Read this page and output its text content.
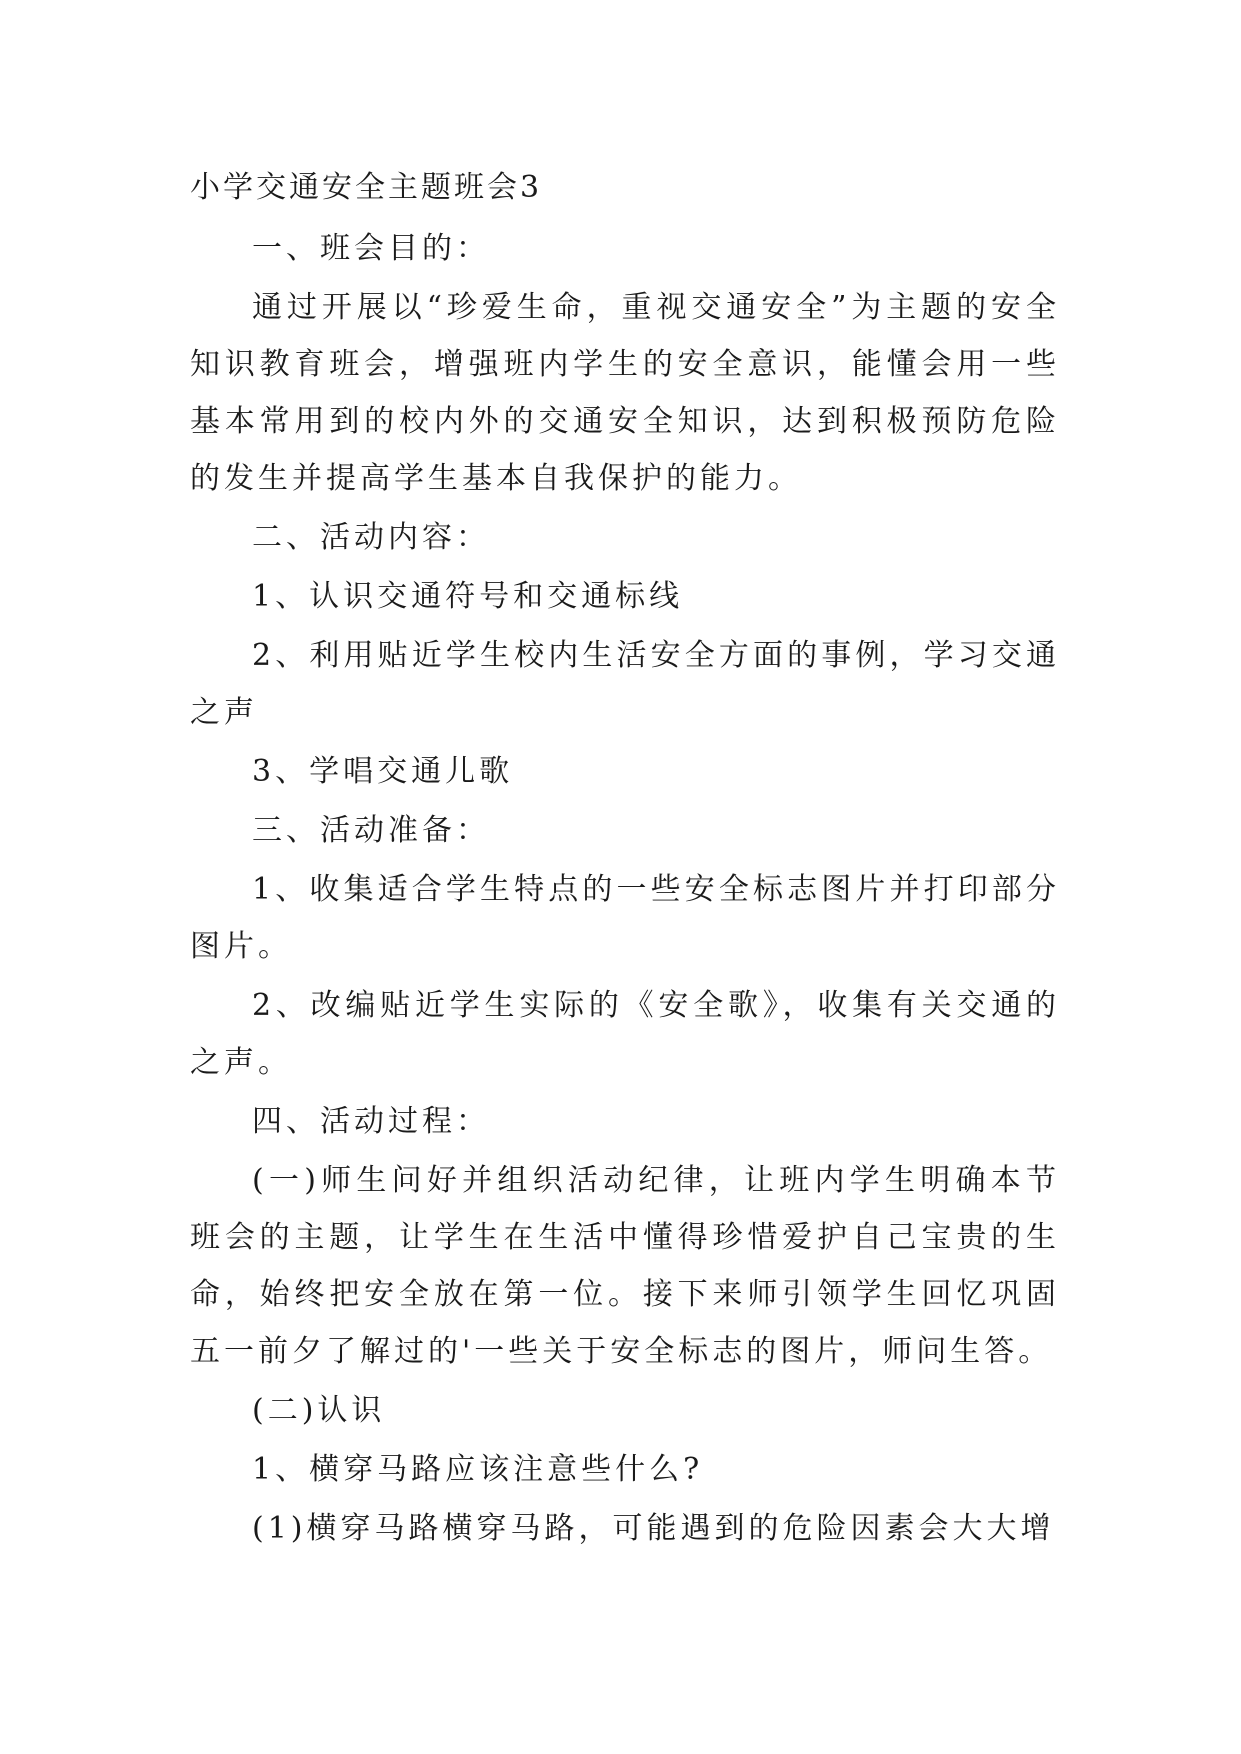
小学交通安全主题班会3

一、班会目的：

通过开展以“珍爱生命，重视交通安全”为主题的安全知识教育班会，增强班内学生的安全意识，能懂会用一些基本常用到的校内外的交通安全知识，达到积极预防危险的发生并提高学生基本自我保护的能力。

二、活动内容：

1、认识交通符号和交通标线

2、利用贴近学生校内生活安全方面的事例，学习交通之声

3、学唱交通儿歌

三、活动准备：

1、收集适合学生特点的一些安全标志图片并打印部分图片。

2、改编贴近学生实际的《安全歌》，收集有关交通的之声。

四、活动过程：

(一)师生问好并组织活动纪律，让班内学生明确本节班会的主题，让学生在生活中懂得珍惜爱护自己宝贵的生命，始终把安全放在第一位。接下来师引领学生回忆巩固五一前夕了解过的'一些关于安全标志的图片，师问生答。

(二)认识

1、横穿马路应该注意些什么?

(1)横穿马路横穿马路，可能遇到的危险因素会大大增
